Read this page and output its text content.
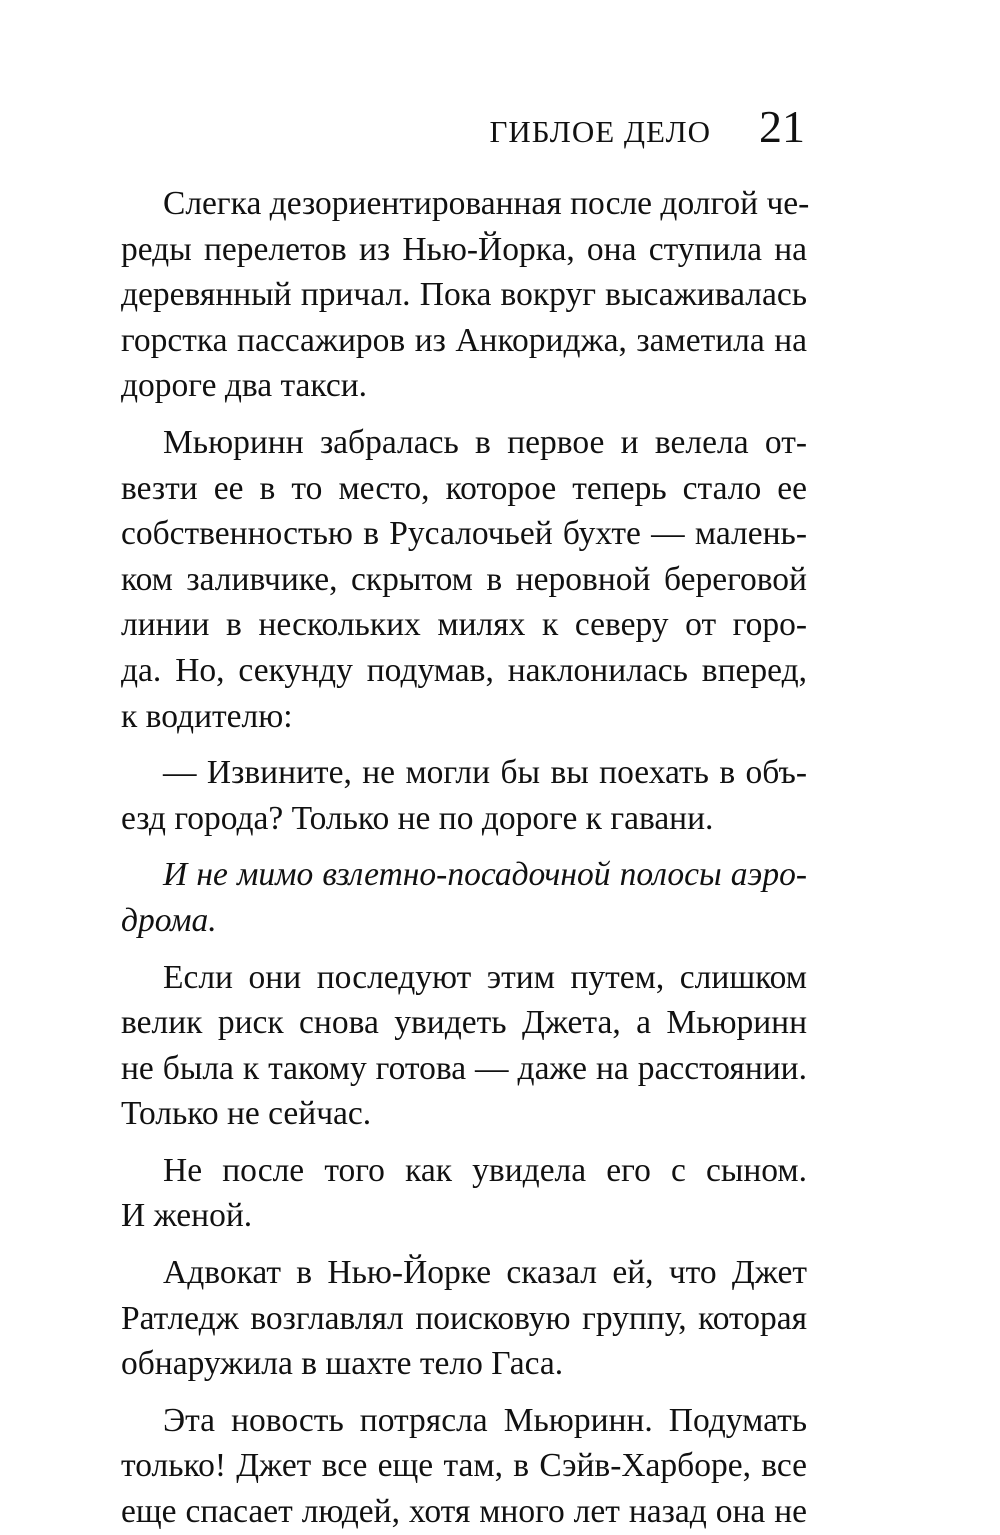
ГИБЛОЕ ДЕЛО 21
Слегка дезориентированная после долгой че-
реды перелетов из Нью-Йорка, она ступила на
деревянный причал. Пока вокруг высаживалась
горстка пассажиров из Анкориджа, заметила на
дороге два такси.
Мьюринн забралась в первое и велела от-
везти ее в то место, которое теперь стало ее
собственностью в Русалочьей бухте — малень-
ком заливчике, скрытом в неровной береговой
линии в нескольких милях к северу от горо-
да. Но, секунду подумав, наклонилась вперед,
к водителю:
— Извините, не могли бы вы поехать в объ-
езд города? Только не по дороге к гавани.
И не мимо взлетно-посадочной полосы аэро-
дрома.
Если они последуют этим путем, слишком
велик риск снова увидеть Джета, а Мьюринн
не была к такому готова — даже на расстоянии.
Только не сейчас.
Не после того как увидела его с сыном.
И женой.
Адвокат в Нью-Йорке сказал ей, что Джет
Ратледж возглавлял поисковую группу, которая
обнаружила в шахте тело Гаса.
Эта новость потрясла Мьюринн. Подумать
только! Джет все еще там, в Сэйв-Харборе, все
еще спасает людей, хотя много лет назад она не
